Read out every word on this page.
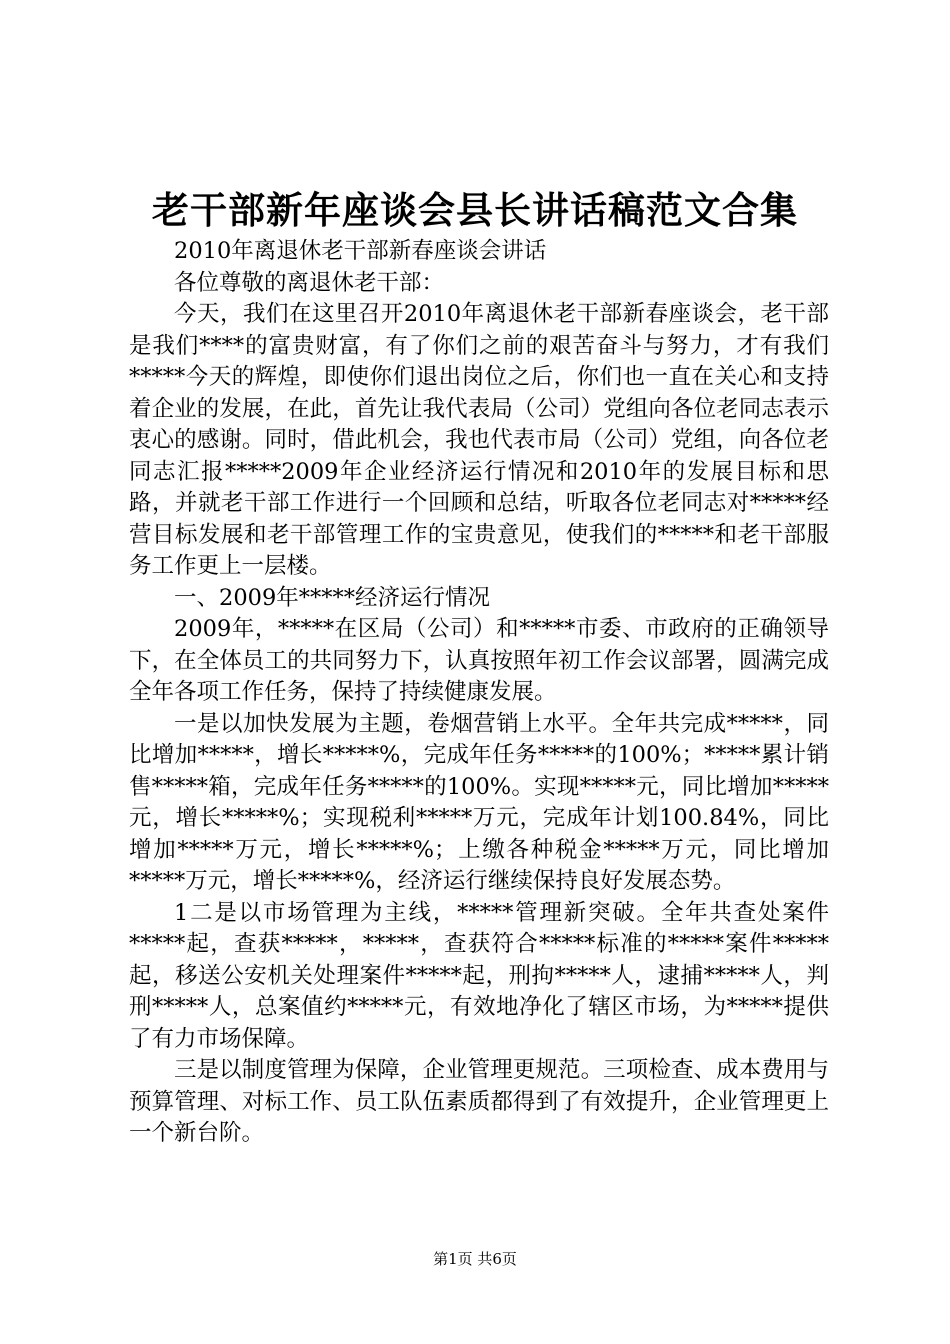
老干部新年座谈会县长讲话稿范文合集

2010年离退休老干部新春座谈会讲话

各位尊敬的离退休老干部：

今天，我们在这里召开2010年离退休老干部新春座谈会，老干部是我们****的富贵财富，有了你们之前的艰苦奋斗与努力，才有我们*****今天的辉煌，即使你们退出岗位之后，你们也一直在关心和支持着企业的发展，在此，首先让我代表局（公司）党组向各位老同志表示衷心的感谢。同时，借此机会，我也代表市局（公司）党组，向各位老同志汇报*****2009年企业经济运行情况和2010年的发展目标和思路，并就老干部工作进行一个回顾和总结，听取各位老同志对*****经营目标发展和老干部管理工作的宝贵意见，使我们的*****和老干部服务工作更上一层楼。

一、2009年*****经济运行情况

2009年，*****在区局（公司）和*****市委、市政府的正确领导下，在全体员工的共同努力下，认真按照年初工作会议部署，圆满完成全年各项工作任务，保持了持续健康发展。

一是以加快发展为主题，卷烟营销上水平。全年共完成*****，同比增加*****，增长*****%，完成年任务*****的100%；*****累计销售*****箱，完成年任务*****的100%。实现*****元，同比增加*****元，增长*****%；实现税利*****万元，完成年计划100.84%，同比增加*****万元，增长*****%；上缴各种税金*****万元，同比增加*****万元，增长*****%，经济运行继续保持良好发展态势。

1二是以市场管理为主线，*****管理新突破。全年共查处案件*****起，查获*****，*****，查获符合*****标准的*****案件*****起，移送公安机关处理案件*****起，刑拘*****人，逮捕*****人，判刑*****人，总案值约*****元，有效地净化了辖区市场，为*****提供了有力市场保障。

三是以制度管理为保障，企业管理更规范。三项检查、成本费用与预算管理、对标工作、员工队伍素质都得到了有效提升，企业管理更上一个新台阶。

第1页 共6页
